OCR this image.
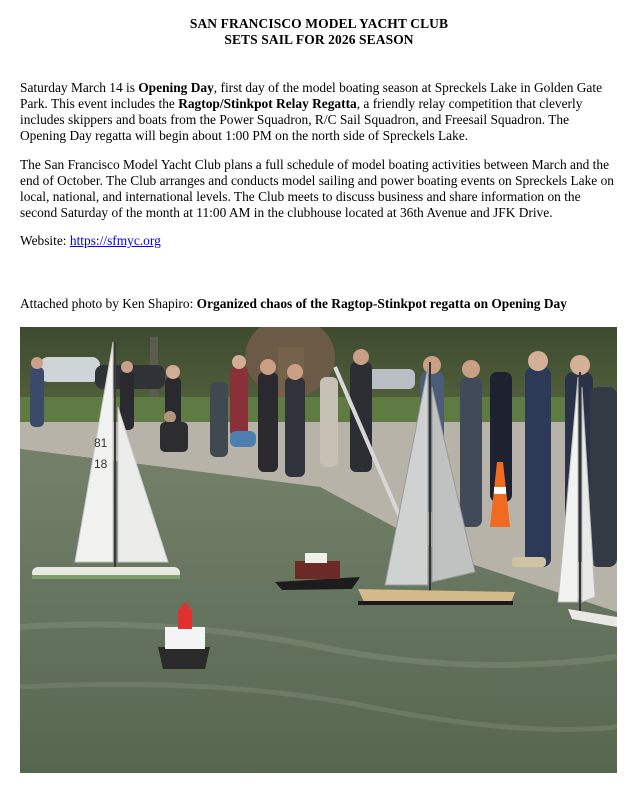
SAN FRANCISCO MODEL YACHT CLUB
SETS SAIL FOR 2026 SEASON

Saturday March 14 is Opening Day, first day of the model boating season at Spreckels Lake in Golden Gate Park. This event includes the Ragtop/Stinkpot Relay Regatta, a friendly relay competition that cleverly includes skippers and boats from the Power Squadron, R/C Sail Squadron, and Freesail Squadron. The Opening Day regatta will begin about 1:00 PM on the north side of Spreckels Lake.

The San Francisco Model Yacht Club plans a full schedule of model boating activities between March and the end of October. The Club arranges and conducts model sailing and power boating events on Spreckels Lake on local, national, and international levels. The Club meets to discuss business and share information on the second Saturday of the month at 11:00 AM in the clubhouse located at 36th Avenue and JFK Drive.

Website: https://sfmyc.org

Attached photo by Ken Shapiro: Organized chaos of the Ragtop-Stinkpot regatta on Opening Day

81
18
